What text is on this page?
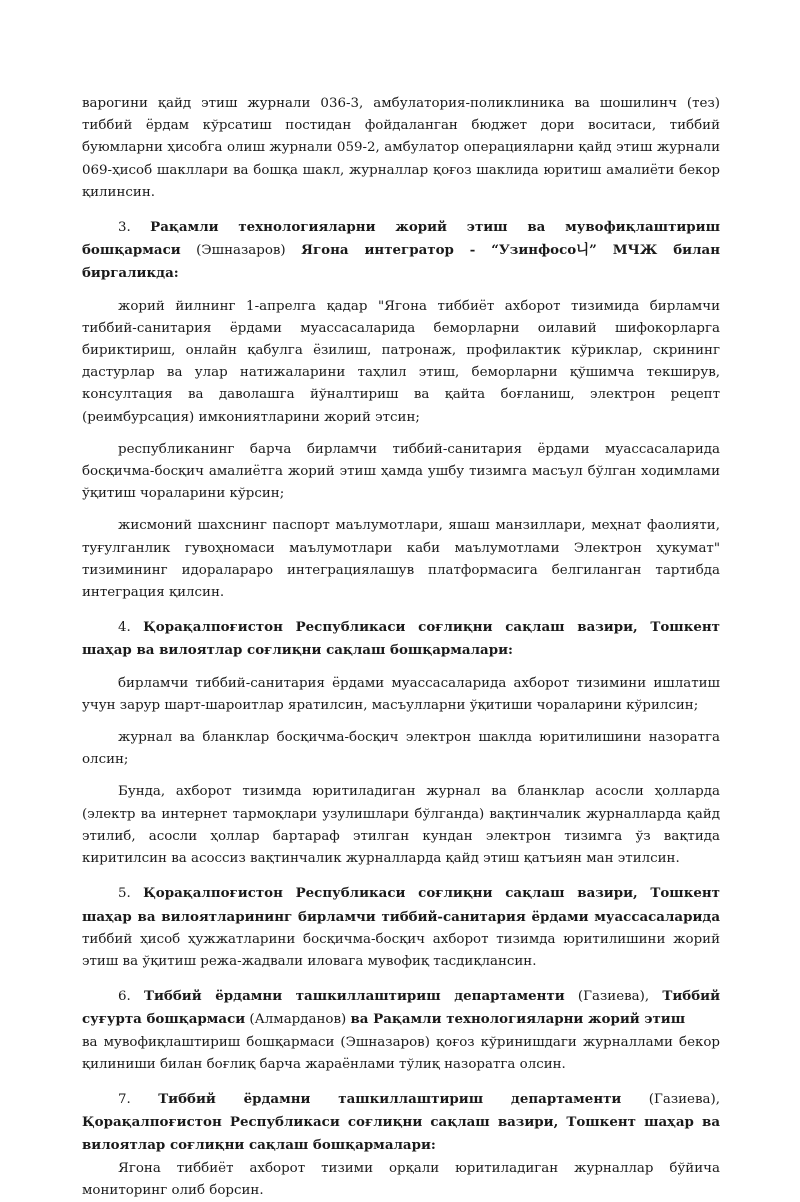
варогини қайд этиш журнали 036-3, амбулатория-поликлиника ва шошилинч (тез) тиббий ёрдам кўрсатиш постидан фойдаланган бюджет дори воситаси, тиббий буюмларни ҳисобга олиш журнали 059-2, амбулатор операцияларни қайд этиш журнали 069-ҳисоб шакллари ва бошқа шакл, журналлар қоғоз шаклида юритиш амалиёти бекор қилинсин.

3. Рақамли технологияларни жорий этиш ва мувофиқлаштириш бошқармаси (Эшназаров) Ягона интегратор - “Узинфосо니” МЧЖ билан биргаликда:

жорий йилнинг 1-апрелга қадар "Ягона тиббиёт ахборот тизимида бирламчи тиббий-санитария ёрдами муассасаларида беморларни оилавий шифокорларга бириктириш, онлайн қабулга ёзилиш, патронаж, профилактик кўриклар, скрининг дастурлар ва улар натижаларини таҳлил этиш, беморларни қўшимча текширув, консултация ва даволашга йўналтириш ва қайта боғланиш, электрон рецепт (реимбурсация) имкониятларини жорий этсин;

республиканинг барча бирламчи тиббий-санитария ёрдами муассасаларида босқичма-босқич амалиётга жорий этиш ҳамда ушбу тизимга масъул бўлган ходимлами ўқитиш чораларини кўрсин;

жисмоний шахснинг паспорт маълумотлари, яшаш манзиллари, меҳнат фаолияти, туғулганлик гувоҳномаси маълумотлари каби маълумотлами Электрон ҳукумат" тизимининг идораларaро интеграциялашув платформасига белгиланган тартибда интеграция қилсин.

4. Қорақалпоғистон Республикаси соғлиқни сақлаш вазири, Тошкент шаҳар ва вилоятлар соғлиқни сақлаш бошқармалари:

бирламчи тиббий-санитария ёрдами муассасаларида ахборот тизимини ишлатиш учун зарур шарт-шароитлар яратилсин, масъулларни ўқитиши чораларини кўрилсин;

журнал ва бланклар босқичма-босқич электрон шаклда юритилишини назоратга олсин;

Бунда, ахборот тизимда юритиладиган журнал ва бланклар асосли ҳолларда (электр ва интернет тармоқлари узулишлари бўлганда) вақтинчалик журналларда қайд этилиб, асосли ҳоллар бартараф этилган кундан электрон тизимга ўз вақтида киритилсин ва асоссиз вақтинчалик журналларда қайд этиш қатъиян ман этилсин.

5. Қорақалпоғистон Республикаси соғлиқни сақлаш вазири, Тошкент шаҳар ва вилоятларининг бирламчи тиббий-санитария ёрдами муассасаларида тиббий ҳисоб ҳужжатларини босқичма-босқич ахборот тизимда юритилишини жорий этиш ва ўқитиш режа-жадвали иловага мувофиқ тасдиқлансин.

6. Тиббий ёрдамни ташкиллаштириш департаменти (Газиева), Тиббий суғурта бошқармаси (Алмарданов) ва Рақамли технологияларни жорий этиш

ва мувофиқлаштириш бошқармаси (Эшназаров) қоғоз кўринишдаги журналлами бекор қилиниши билан боғлиқ барча жараёнлами тўлиқ назоратга олсин.

7. Тиббий ёрдамни ташкиллаштириш департаменти (Газиева), Қорақалпоғистон Республикаси соғлиқни сақлаш вазири, Тошкент шаҳар ва вилоятлар соғлиқни сақлаш бошқармалари:

Ягона тиббиёт ахборот тизими орқали юритиладиган журналлар бўйича мониторинг олиб борсин.
